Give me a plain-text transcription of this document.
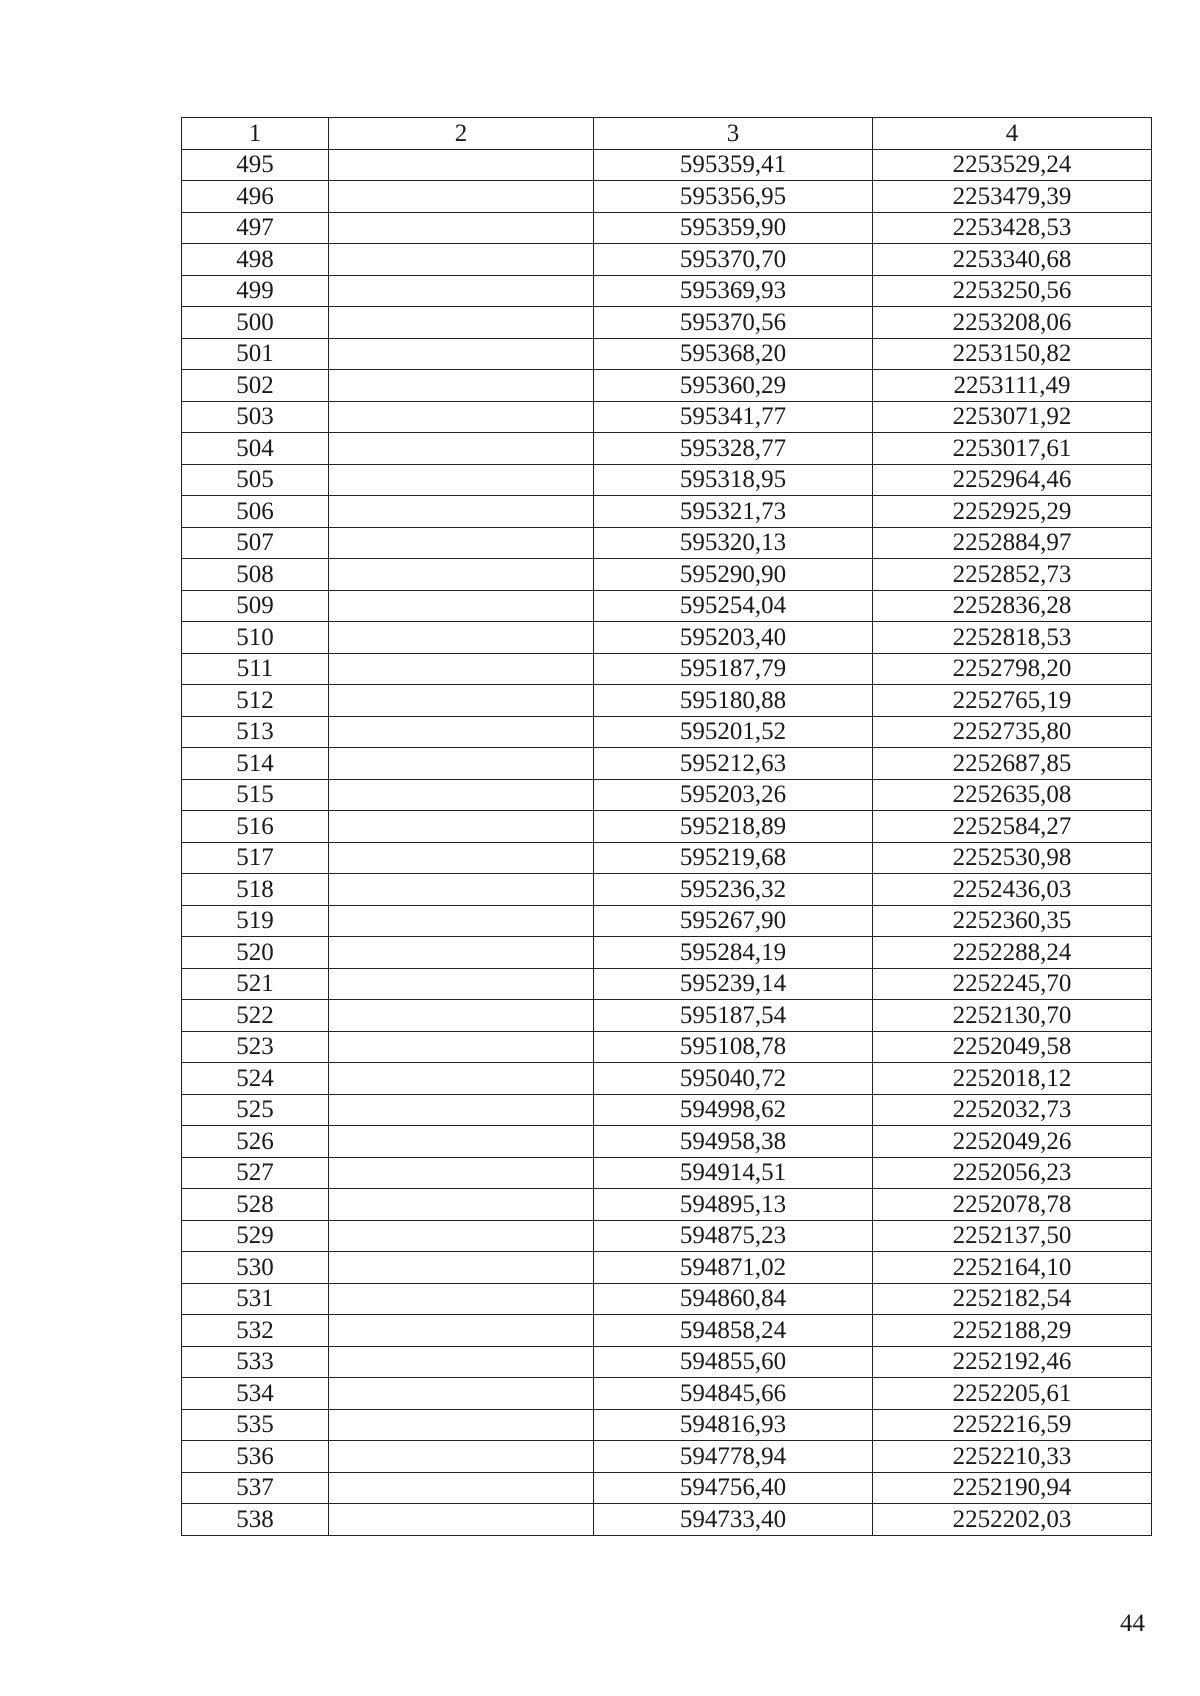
1	2	3	4
495		595359,41	2253529,24
496		595356,95	2253479,39
497		595359,90	2253428,53
498		595370,70	2253340,68
499		595369,93	2253250,56
500		595370,56	2253208,06
501		595368,20	2253150,82
502		595360,29	2253111,49
503		595341,77	2253071,92
504		595328,77	2253017,61
505		595318,95	2252964,46
506		595321,73	2252925,29
507		595320,13	2252884,97
508		595290,90	2252852,73
509		595254,04	2252836,28
510		595203,40	2252818,53
511		595187,79	2252798,20
512		595180,88	2252765,19
513		595201,52	2252735,80
514		595212,63	2252687,85
515		595203,26	2252635,08
516		595218,89	2252584,27
517		595219,68	2252530,98
518		595236,32	2252436,03
519		595267,90	2252360,35
520		595284,19	2252288,24
521		595239,14	2252245,70
522		595187,54	2252130,70
523		595108,78	2252049,58
524		595040,72	2252018,12
525		594998,62	2252032,73
526		594958,38	2252049,26
527		594914,51	2252056,23
528		594895,13	2252078,78
529		594875,23	2252137,50
530		594871,02	2252164,10
531		594860,84	2252182,54
532		594858,24	2252188,29
533		594855,60	2252192,46
534		594845,66	2252205,61
535		594816,93	2252216,59
536		594778,94	2252210,33
537		594756,40	2252190,94
538		594733,40	2252202,03
44
